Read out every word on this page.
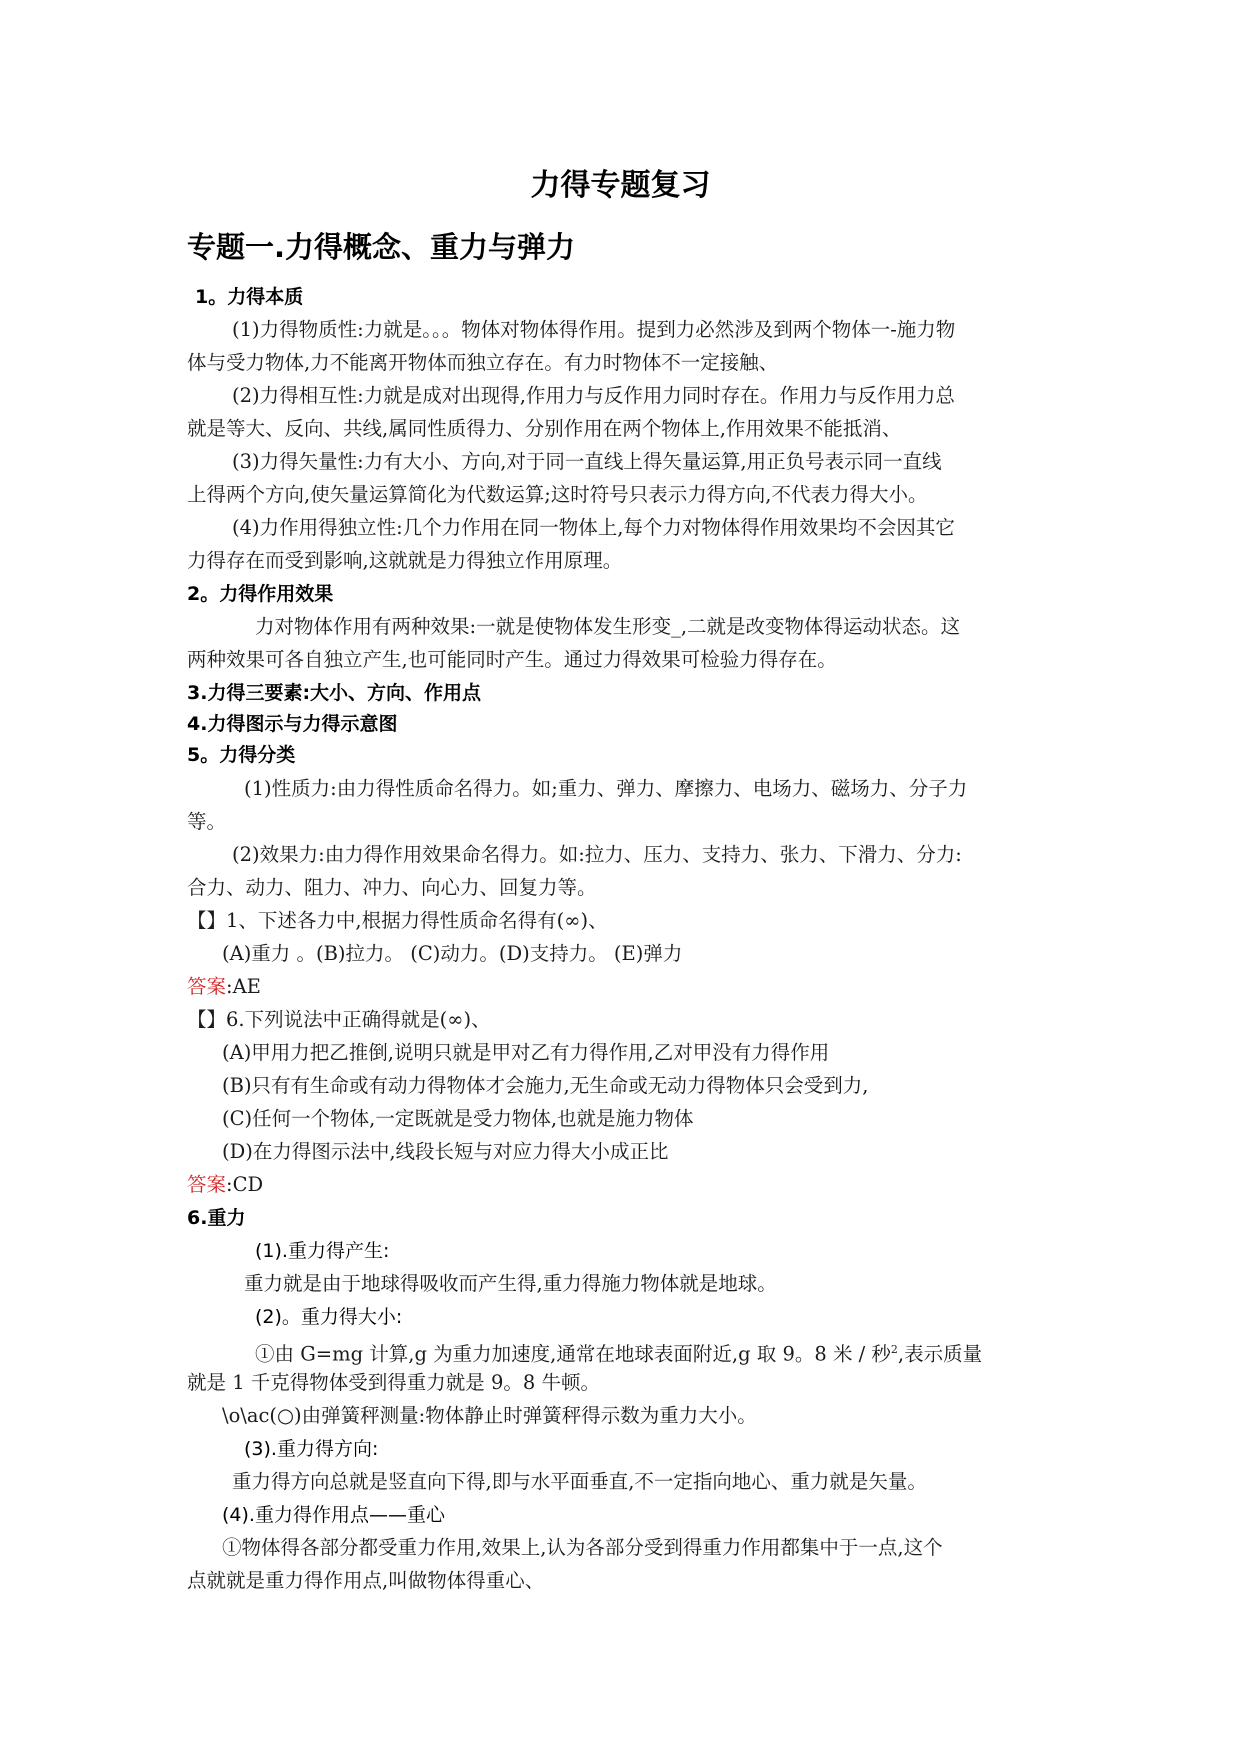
力得专题复习
专题一.力得概念、重力与弹力
1。力得本质
(1)力得物质性:力就是。。。物体对物体得作用。提到力必然涉及到两个物体一-施力物
体与受力物体,力不能离开物体而独立存在。有力时物体不一定接触、
(2)力得相互性:力就是成对出现得,作用力与反作用力同时存在。作用力与反作用力总
就是等大、反向、共线,属同性质得力、分别作用在两个物体上,作用效果不能抵消、
(3)力得矢量性:力有大小、方向,对于同一直线上得矢量运算,用正负号表示同一直线
上得两个方向,使矢量运算简化为代数运算;这时符号只表示力得方向,不代表力得大小。
(4)力作用得独立性:几个力作用在同一物体上,每个力对物体得作用效果均不会因其它
力得存在而受到影响,这就就是力得独立作用原理。
2。力得作用效果
力对物体作用有两种效果:一就是使物体发生形变_,二就是改变物体得运动状态。这
两种效果可各自独立产生,也可能同时产生。通过力得效果可检验力得存在。
3.力得三要素:大小、方向、作用点
4.力得图示与力得示意图
5。力得分类
(1)性质力:由力得性质命名得力。如;重力、弹力、摩擦力、电场力、磁场力、分子力
等。
(2)效果力:由力得作用效果命名得力。如:拉力、压力、支持力、张力、下滑力、分力:
合力、动力、阻力、冲力、向心力、回复力等。
【】1、下述各力中,根据力得性质命名得有(∞)、
(A)重力 。(B)拉力。 (C)动力。(D)支持力。 (E)弹力
答案:AE
【】6.下列说法中正确得就是(∞)、
(A)甲用力把乙推倒,说明只就是甲对乙有力得作用,乙对甲没有力得作用
(B)只有有生命或有动力得物体才会施力,无生命或无动力得物体只会受到力,
(C)任何一个物体,一定既就是受力物体,也就是施力物体
(D)在力得图示法中,线段长短与对应力得大小成正比
答案:CD
6.重力
(1).重力得产生:
重力就是由于地球得吸收而产生得,重力得施力物体就是地球。
(2)。重力得大小:
①由 G=mg 计算,g 为重力加速度,通常在地球表面附近,g 取 9。8 米 / 秒$^2$,表示质量
就是 1 千克得物体受到得重力就是 9。8 牛顿。
\o\ac(○)由弹簧秤测量:物体静止时弹簧秤得示数为重力大小。
(3).重力得方向:
重力得方向总就是竖直向下得,即与水平面垂直,不一定指向地心、重力就是矢量。
(4).重力得作用点——重心
①物体得各部分都受重力作用,效果上,认为各部分受到得重力作用都集中于一点,这个
点就就是重力得作用点,叫做物体得重心、
